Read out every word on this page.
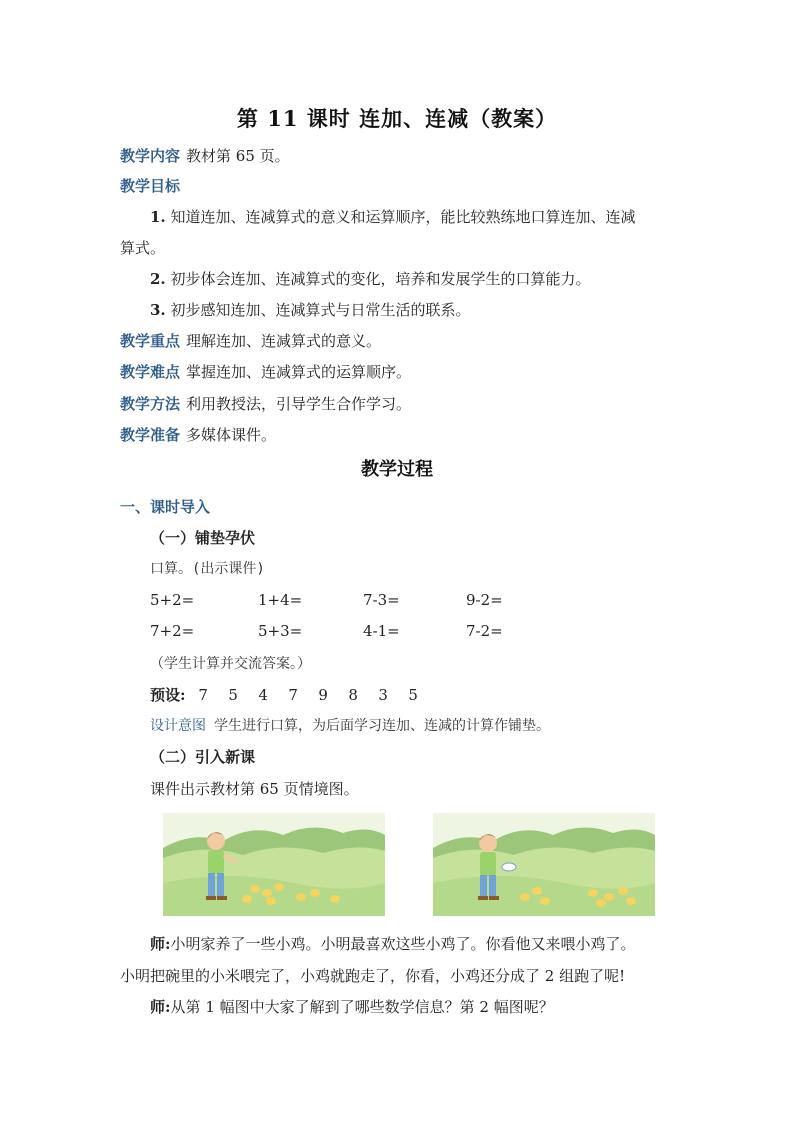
第 11 课时 连加、连减（教案）
教学内容 教材第 65 页。
教学目标
1. 知道连加、连减算式的意义和运算顺序，能比较熟练地口算连加、连减
算式。
2. 初步体会连加、连减算式的变化，培养和发展学生的口算能力。
3. 初步感知连加、连减算式与日常生活的联系。
教学重点 理解连加、连减算式的意义。
教学难点 掌握连加、连减算式的运算顺序。
教学方法 利用教授法，引导学生合作学习。
教学准备 多媒体课件。
教学过程
一、课时导入
（一）铺垫孕伏
口算。(出示课件)
5+2=	1+4=	7-3=	9-2=
7+2=	5+3=	4-1=	7-2=
（学生计算并交流答案。）
预设: 7 5 4 7 9 8 3 5
设计意图 学生进行口算，为后面学习连加、连减的计算作铺垫。
（二）引入新课
课件出示教材第 65 页情境图。
师:小明家养了一些小鸡。小明最喜欢这些小鸡了。你看他又来喂小鸡了。
小明把碗里的小米喂完了，小鸡就跑走了，你看，小鸡还分成了 2 组跑了呢!
师:从第 1 幅图中大家了解到了哪些数学信息？第 2 幅图呢？
